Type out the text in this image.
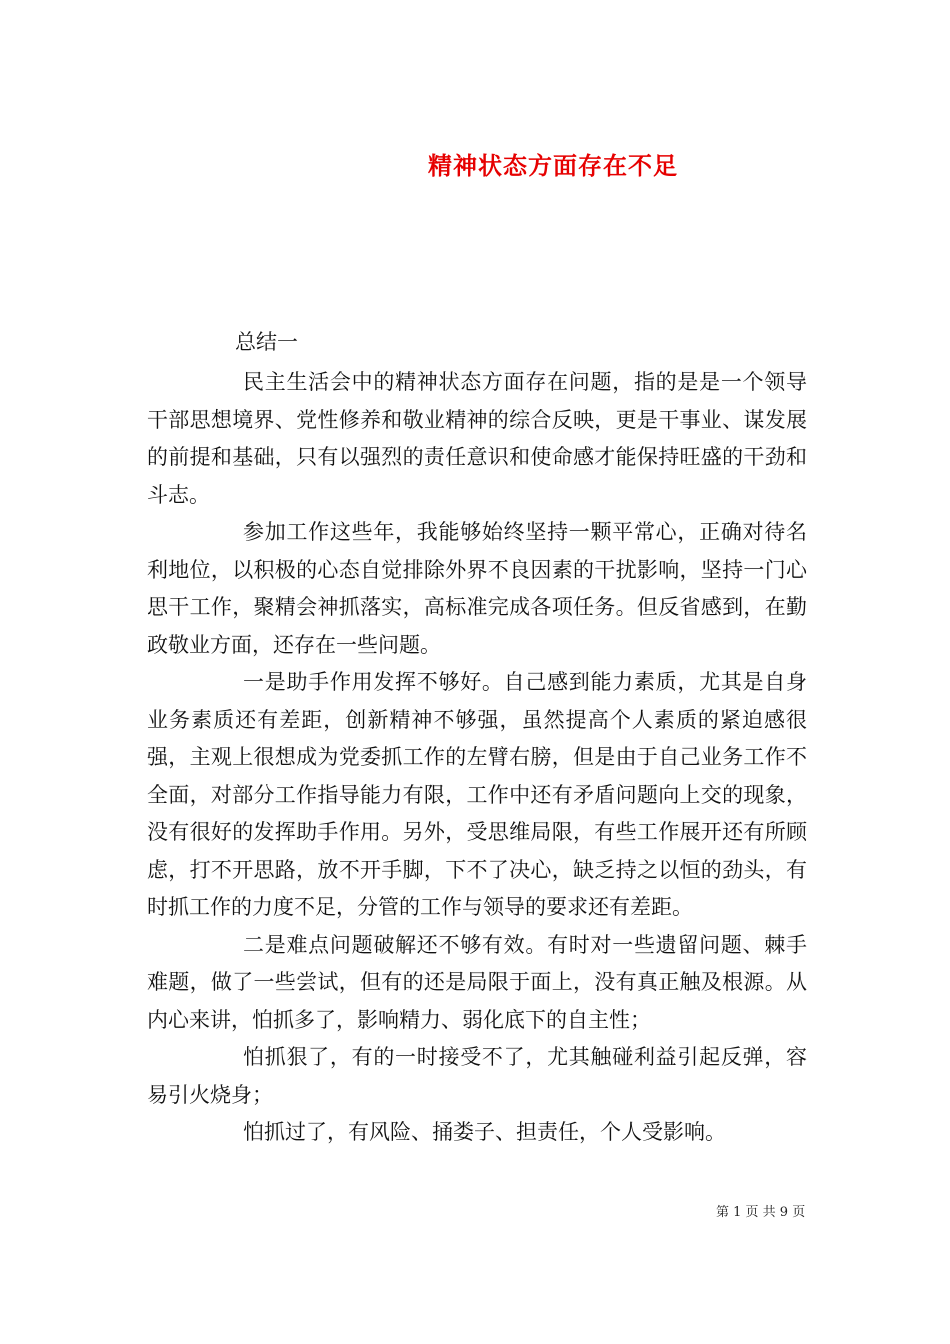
精神状态方面存在不足
总结一

民主生活会中的精神状态方面存在问题，指的是是一个领导干部思想境界、党性修养和敬业精神的综合反映，更是干事业、谋发展的前提和基础，只有以强烈的责任意识和使命感才能保持旺盛的干劲和斗志。

参加工作这些年，我能够始终坚持一颗平常心，正确对待名利地位，以积极的心态自觉排除外界不良因素的干扰影响，坚持一门心思干工作，聚精会神抓落实，高标准完成各项任务。但反省感到，在勤政敬业方面，还存在一些问题。

一是助手作用发挥不够好。自己感到能力素质，尤其是自身业务素质还有差距，创新精神不够强，虽然提高个人素质的紧迫感很强，主观上很想成为党委抓工作的左臂右膀，但是由于自己业务工作不全面，对部分工作指导能力有限，工作中还有矛盾问题向上交的现象，没有很好的发挥助手作用。另外，受思维局限，有些工作展开还有所顾虑，打不开思路，放不开手脚，下不了决心，缺乏持之以恒的劲头，有时抓工作的力度不足，分管的工作与领导的要求还有差距。

二是难点问题破解还不够有效。有时对一些遗留问题、棘手难题，做了一些尝试，但有的还是局限于面上，没有真正触及根源。从内心来讲，怕抓多了，影响精力、弱化底下的自主性；

怕抓狠了，有的一时接受不了，尤其触碰利益引起反弹，容易引火烧身；

怕抓过了，有风险、捅娄子、担责任，个人受影响。

第 1 页 共 9 页
